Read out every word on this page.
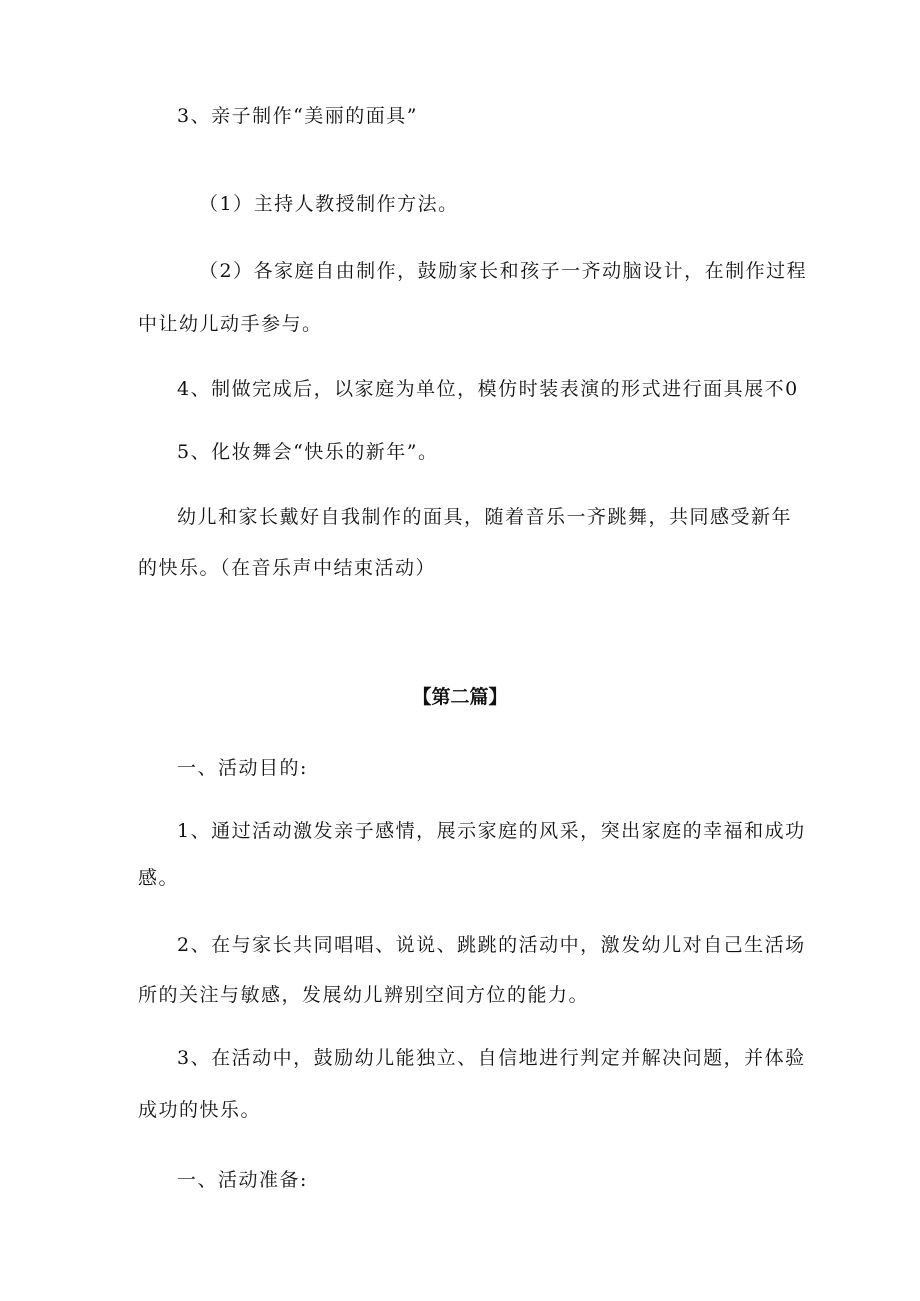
3、亲子制作“美丽的面具”
（1）主持人教授制作方法。
（2）各家庭自由制作，鼓励家长和孩子一齐动脑设计，在制作过程
中让幼儿动手参与。
4、制做完成后，以家庭为单位，模仿时装表演的形式进行面具展不0
5、化妆舞会“快乐的新年”。
幼儿和家长戴好自我制作的面具，随着音乐一齐跳舞，共同感受新年
的快乐。（在音乐声中结束活动）
【第二篇】
一、活动目的:
1、通过活动激发亲子感情，展示家庭的风采，突出家庭的幸福和成功
感。
2、在与家长共同唱唱、说说、跳跳的活动中，激发幼儿对自己生活场
所的关注与敏感，发展幼儿辨别空间方位的能力。
3、在活动中，鼓励幼儿能独立、自信地进行判定并解决问题，并体验
成功的快乐。
一、活动准备:
